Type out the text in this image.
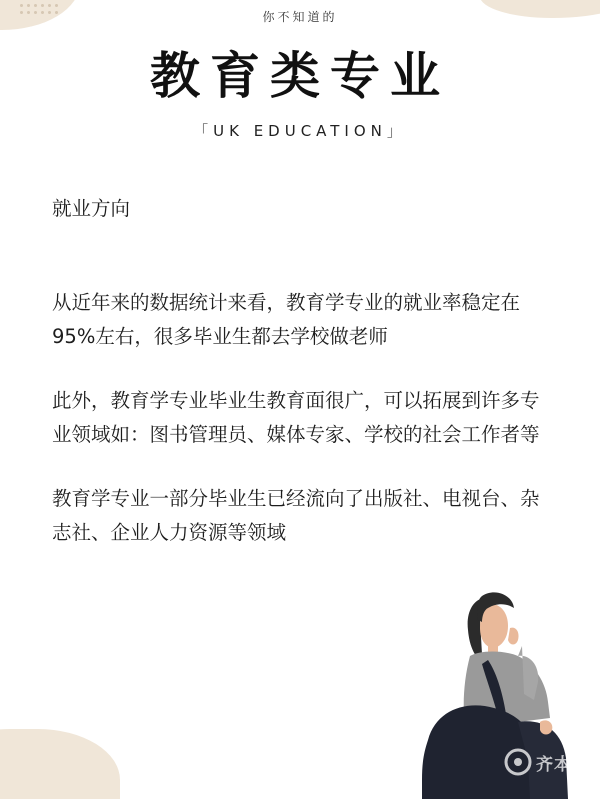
你不知道的
教育类专业
「UK EDUCATION」

就业方向

从近年来的数据统计来看，教育学专业的就业率稳定在95%左右，很多毕业生都去学校做老师

此外，教育学专业毕业生教育面很广，可以拓展到许多专业领域如：图书管理员、媒体专家、学校的社会工作者等

教育学专业一部分毕业生已经流向了出版社、电视台、杂志社、企业人力资源等领域

齐本
